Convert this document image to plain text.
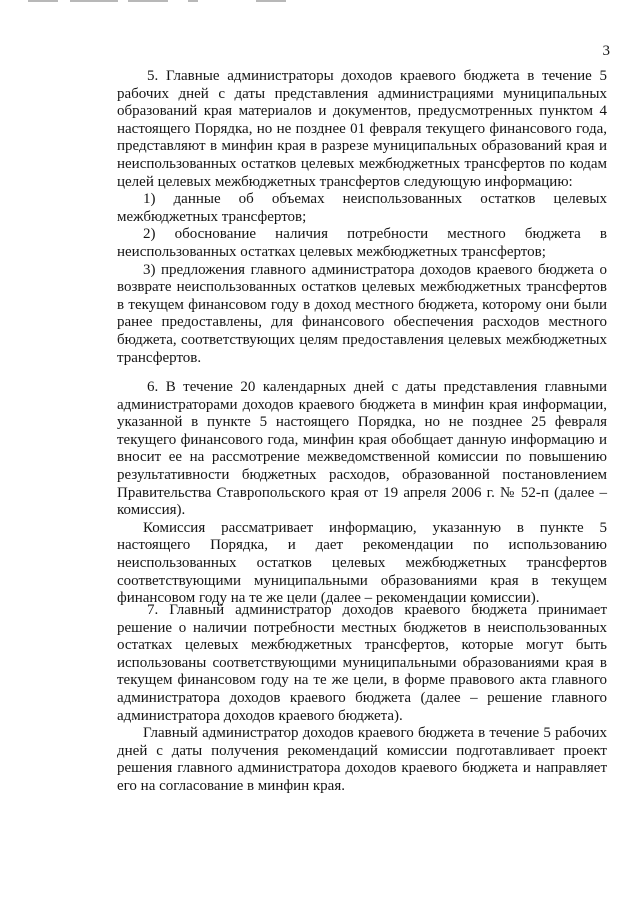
3

5. Главные администраторы доходов краевого бюджета в течение 5 рабочих дней с даты представления администрациями муниципальных образований края материалов и документов, предусмотренных пунктом 4 настоящего Порядка, но не позднее 01 февраля текущего финансового года, представляют в минфин края в разрезе муниципальных образований края и неиспользованных остатков целевых межбюджетных трансфертов по кодам целей целевых межбюджетных трансфертов следующую информацию:

1) данные об объемах неиспользованных остатков целевых межбюджетных трансфертов;

2) обоснование наличия потребности местного бюджета в неиспользованных остатках целевых межбюджетных трансфертов;

3) предложения главного администратора доходов краевого бюджета о возврате неиспользованных остатков целевых межбюджетных трансфертов в текущем финансовом году в доход местного бюджета, которому они были ранее предоставлены, для финансового обеспечения расходов местного бюджета, соответствующих целям предоставления целевых межбюджетных трансфертов.

6. В течение 20 календарных дней с даты представления главными администраторами доходов краевого бюджета в минфин края информации, указанной в пункте 5 настоящего Порядка, но не позднее 25 февраля текущего финансового года, минфин края обобщает данную информацию и вносит ее на рассмотрение межведомственной комиссии по повышению результативности бюджетных расходов, образованной постановлением Правительства Ставропольского края от 19 апреля 2006 г. № 52-п (далее – комиссия).

Комиссия рассматривает информацию, указанную в пункте 5 настоящего Порядка, и дает рекомендации по использованию неиспользованных остатков целевых межбюджетных трансфертов соответствующими муниципальными образованиями края в текущем финансовом году на те же цели (далее – рекомендации комиссии).

7. Главный администратор доходов краевого бюджета принимает решение о наличии потребности местных бюджетов в неиспользованных остатках целевых межбюджетных трансфертов, которые могут быть использованы соответствующими муниципальными образованиями края в текущем финансовом году на те же цели, в форме правового акта главного администратора доходов краевого бюджета (далее – решение главного администратора доходов краевого бюджета).

Главный администратор доходов краевого бюджета в течение 5 рабочих дней с даты получения рекомендаций комиссии подготавливает проект решения главного администратора доходов краевого бюджета и направляет его на согласование в минфин края.
